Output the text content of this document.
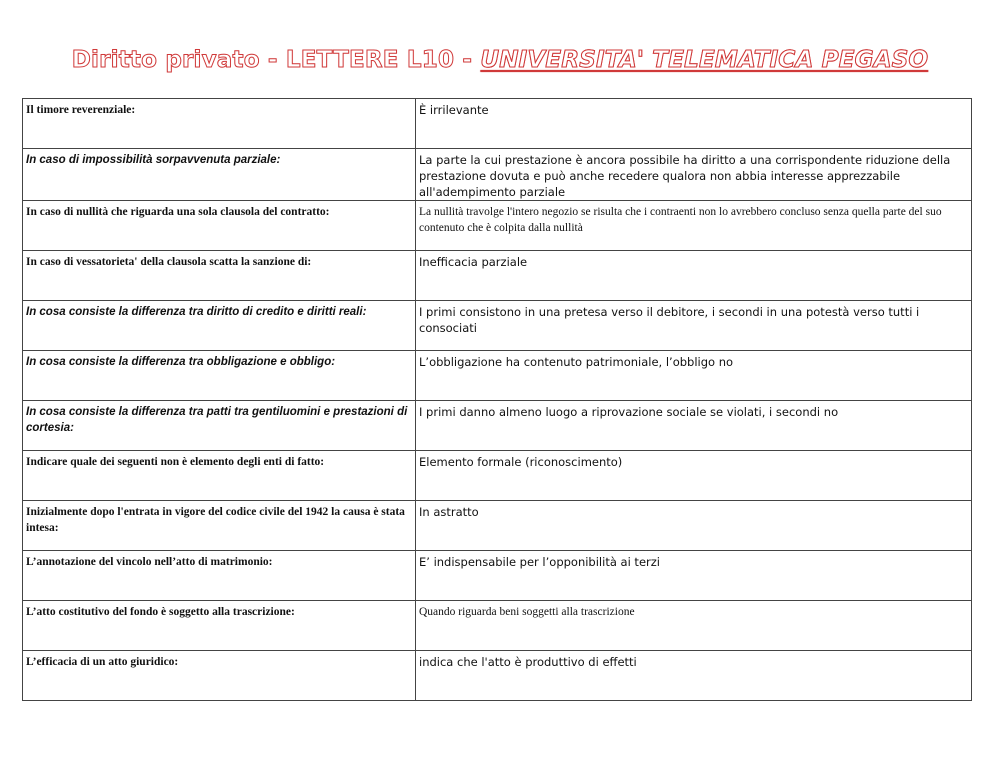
Diritto privato - LETTERE L10 - UNIVERSITA' TELEMATICA PEGASO
Il timore reverenziale:	È irrilevante
In caso di impossibilità sorpavvenuta parziale:	La parte la cui prestazione è ancora possibile ha diritto a una corrispondente riduzione della prestazione dovuta e può anche recedere qualora non abbia interesse apprezzabile all'adempimento parziale
In caso di nullità che riguarda una sola clausola del contratto:	La nullità travolge l'intero negozio se risulta che i contraenti non lo avrebbero concluso senza quella parte del suo contenuto che è colpita dalla nullità
In caso di vessatorieta' della clausola scatta la sanzione di:	Inefficacia parziale
In cosa consiste la differenza tra diritto di credito e diritti reali:	I primi consistono in una pretesa verso il debitore, i secondi in una potestà verso tutti i consociati
In cosa consiste la differenza tra obbligazione e obbligo:	L’obbligazione ha contenuto patrimoniale, l’obbligo no
In cosa consiste la differenza tra patti tra gentiluomini e prestazioni di cortesia:	I primi danno almeno luogo a riprovazione sociale se violati, i secondi no
Indicare quale dei seguenti non è elemento degli enti di fatto:	Elemento formale (riconoscimento)
Inizialmente dopo l'entrata in vigore del codice civile del 1942 la causa è stata intesa:	In astratto
L’annotazione del vincolo nell’atto di matrimonio:	E’ indispensabile per l’opponibilità ai terzi
L’atto costitutivo del fondo è soggetto alla trascrizione:	Quando riguarda beni soggetti alla trascrizione
L’efficacia di un atto giuridico:	indica che l'atto è produttivo di effetti
